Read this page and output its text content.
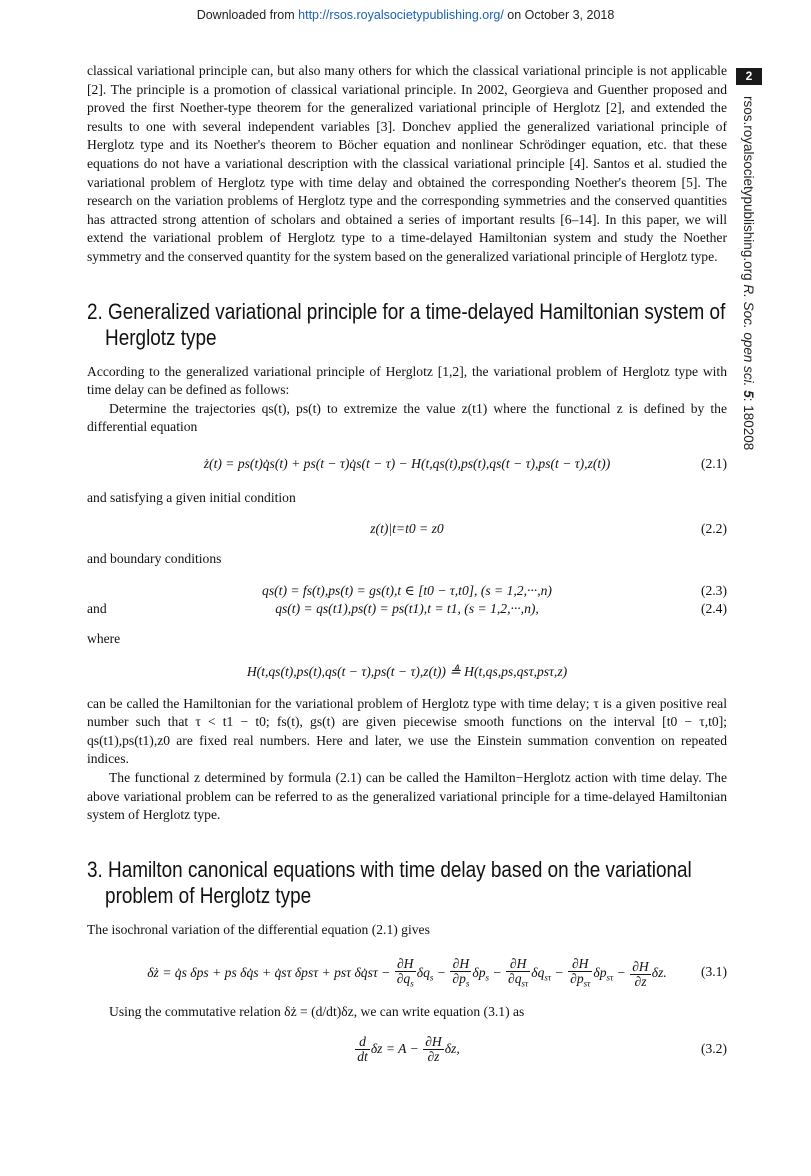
Downloaded from http://rsos.royalsocietypublishing.org/ on October 3, 2018
2
rsos.royalsocietypublishing.org R. Soc. open sci. 5: 180208

classical variational principle can, but also many others for which the classical variational principle is not applicable [2]. The principle is a promotion of classical variational principle. In 2002, Georgieva and Guenther proposed and proved the first Noether-type theorem for the generalized variational principle of Herglotz [2], and extended the results to one with several independent variables [3]. Donchev applied the generalized variational principle of Herglotz type and its Noether's theorem to Böcher equation and nonlinear Schrödinger equation, etc. that these equations do not have a variational description with the classical variational principle [4]. Santos et al. studied the variational problem of Herglotz type with time delay and obtained the corresponding Noether's theorem [5]. The research on the variation problems of Herglotz type and the corresponding symmetries and the conserved quantities has attracted strong attention of scholars and obtained a series of important results [6–14]. In this paper, we will extend the variational problem of Herglotz type to a time-delayed Hamiltonian system and study the Noether symmetry and the conserved quantity for the system based on the generalized variational principle of Herglotz type.

2. Generalized variational principle for a time-delayed Hamiltonian system of Herglotz type

According to the generalized variational principle of Herglotz [1,2], the variational problem of Herglotz type with time delay can be defined as follows:

Determine the trajectories qs(t), ps(t) to extremize the value z(t1) where the functional z is defined by the differential equation

ż(t) = ps(t)q̇s(t) + ps(t − τ)q̇s(t − τ) − H(t,qs(t),ps(t),qs(t − τ),ps(t − τ),z(t))	(2.1)

and satisfying a given initial condition

z(t)|t=t0 = z0	(2.2)

and boundary conditions

qs(t) = fs(t),ps(t) = gs(t),t ∈ [t0 − τ,t0], (s = 1,2,···,n)	(2.3)
and	qs(t) = qs(t1),ps(t) = ps(t1),t = t1, (s = 1,2,···,n),	(2.4)

where

H(t,qs(t),ps(t),qs(t − τ),ps(t − τ),z(t)) ≜ H(t,qs,ps,qsτ,psτ,z)

can be called the Hamiltonian for the variational problem of Herglotz type with time delay; τ is a given positive real number such that τ < t1 − t0; fs(t), gs(t) are given piecewise smooth functions on the interval [t0 − τ,t0]; qs(t1),ps(t1),z0 are fixed real numbers. Here and later, we use the Einstein summation convention on repeated indices.

The functional z determined by formula (2.1) can be called the Hamilton−Herglotz action with time delay. The above variational problem can be referred to as the generalized variational principle for a time-delayed Hamiltonian system of Herglotz type.

3. Hamilton canonical equations with time delay based on the variational problem of Herglotz type

The isochronal variation of the differential equation (2.1) gives

δż = q̇s δps + ps δq̇s + q̇sτ δpsτ + psτ δq̇sτ − $\frac{\partial H}{\partial q_s} \delta q_s - \frac{\partial H}{\partial p_s} \delta p_s - \frac{\partial H}{\partial q_{s\tau}} \delta q_{s\tau} - \frac{\partial H}{\partial p_{s\tau}} \delta p_{s\tau} - \frac{\partial H}{\partial z} \delta z$.	(3.1)

Using the commutative relation δż = (d/dt)δz, we can write equation (3.1) as

$\frac{d}{dt}$ $\delta z = A - \frac{\partial H}{\partial z} \delta z$,	(3.2)
